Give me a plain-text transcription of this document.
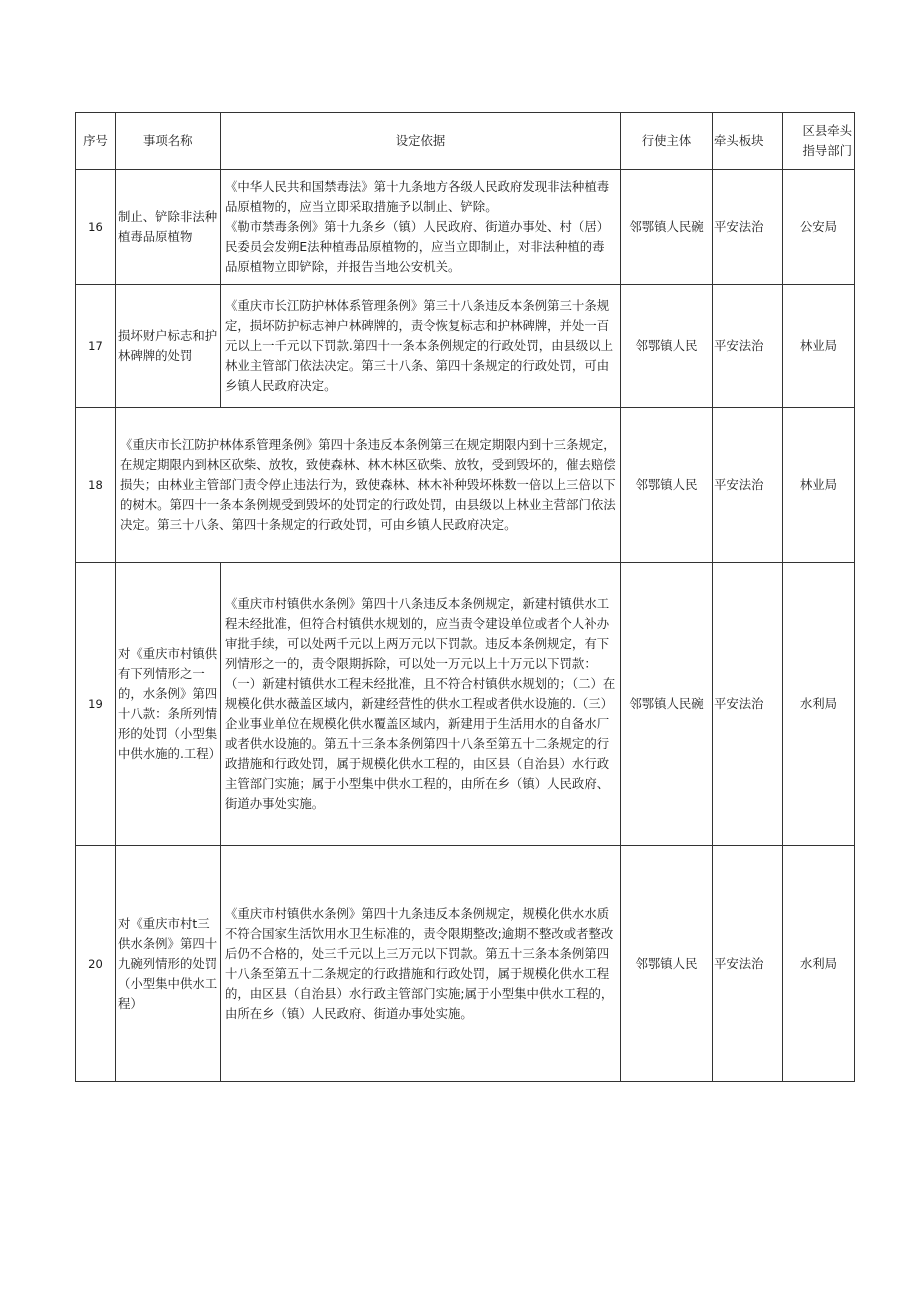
序号	事项名称	设定依据	行使主体	牵头板块	区县牵头
指导部门

16	制止、铲除非法种植毒品原植物	《中华人民共和国禁毒法》第十九条地方各级人民政府发现非法种植毒品原植物的，应当立即采取措施予以制止、铲除。

《勒市禁毒条例》第十九条乡（镇）人民政府、街道办事处、村（居）民委员会发朔E法种植毒品原植物的，应当立即制止，对非法种植的毒品原植物立即铲除，并报告当地公安机关。	邻鄂镇人民碗	平安法治	公安局
17	损坏财户标志和护林碑牌的处罚	《重庆市长江防护林体系管理条例》第三十八条违反本条例第三十条规定，损坏防护标志神户林碑牌的，责令恢复标志和护林碑牌，并处一百元以上一千元以下罚款.第四十一条本条例规定的行政处罚，由县级以上林业主管部门依法决定。第三十八条、第四十条规定的行政处罚，可由乡镇人民政府决定。	邻鄂镇人民	平安法治	林业局
18	《重庆市长江防护林体系管理条例》第四十条违反本条例第三在规定期限内到十三条规定，在规定期限内到林区砍柴、放牧，致使森林、林木林区砍柴、放牧，受到毁坏的，催去赔偿损失；由林业主管部门责令停止违法行为，致使森林、林木补种毁坏株数一倍以上三倍以下的树木。第四十一条本条例规受到毁坏的处罚定的行政处罚，由县级以上林业主营部门依法决定。第三十八条、第四十条规定的行政处罚，可由乡镇人民政府决定。		邻鄂镇人民	平安法治	林业局
19	对《重庆市村镇供有下列情形之一的，水条例》第四十八款：条所列情形的处罚（小型集中供水施的.工程）	《重庆市村镇供水条例》第四十八条违反本条例规定，新建村镇供水工程未经批准，但符合村镇供水规划的，应当责令建设单位或者个人补办审批手续，可以处两千元以上两万元以下罚款。违反本条例规定，有下列情形之一的，责令限期拆除，可以处一万元以上十万元以下罚款：（一）新建村镇供水工程未经批准，且不符合村镇供水规划的；（二）在规模化供水薇盖区域内，新建经营性的供水工程或者供水设施的.（三）企业事业单位在规模化供水覆盖区域内，新建用于生活用水的自备水厂或者供水设施的。第五十三条本条例第四十八条至第五十二条规定的行政措施和行政处罚，属于规模化供水工程的，由区县（自治县）水行政主管部门实施；属于小型集中供水工程的，由所在乡（镇）人民政府、街道办事处实施。	邻鄂镇人民碗	平安法治	水利局
20	对《重庆市村t三供水条例》第四十九碗列情形的处罚（小型集中供水工程）	《重庆市村镇供水条例》第四十九条违反本条例规定，规模化供水水质不符合国家生活饮用水卫生标准的，责令限期整改;逾期不整改或者整改后仍不合格的，处三千元以上三万元以下罚款。第五十三条本条例第四十八条至第五十二条规定的行政措施和行政处罚，属于规模化供水工程的，由区县（自治县）水行政主管部门实施;属于小型集中供水工程的，由所在乡（镇）人民政府、街道办事处实施。	邻鄂镇人民	平安法治	水利局
